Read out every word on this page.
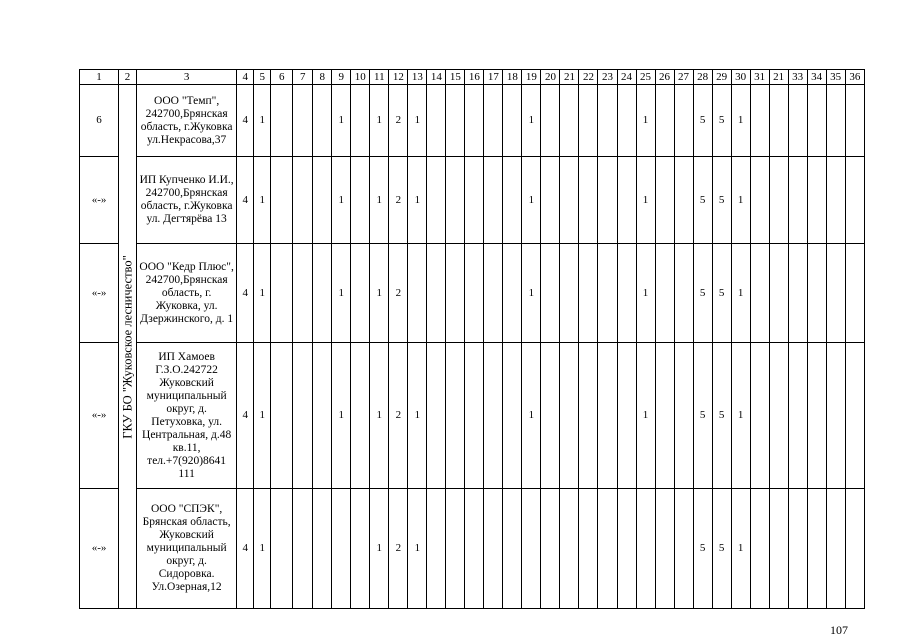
1	2	3	4	5	6	7	8	9	10	11	12	13	14	15	16	17	18	19	20	21	22	23	24	25	26	27	28	29	30	31	21	33	34	35	36
6	ГКУ БО "Жуковское лесничество"	ООО "Темп", 242700,Брянская область, г.Жуковка ул.Некрасова,37	4	1				1		1	2	1						1						1			5	5	1						
«-»		ИП Купченко И.И., 242700,Брянская область, г.Жуковка ул. Дегтярёва 13	4	1				1		1	2	1						1						1			5	5	1						
«-»		ООО "Кедр Плюс", 242700,Брянская область, г. Жуковка, ул. Дзержинского, д. 1	4	1				1		1	2							1						1			5	5	1						
«-»		ИП Хамоев Г.З.О.242722 Жуковский муниципальный округ, д. Петуховка, ул. Центральная, д.48 кв.11, тел.+7(920)8641 111	4	1				1		1	2	1						1						1			5	5	1						
«-»		ООО "СПЭК", Брянская область, Жуковский муниципальный округ, д. Сидоровка. Ул.Озерная,12	4	1						1	2	1															5	5	1						
107
